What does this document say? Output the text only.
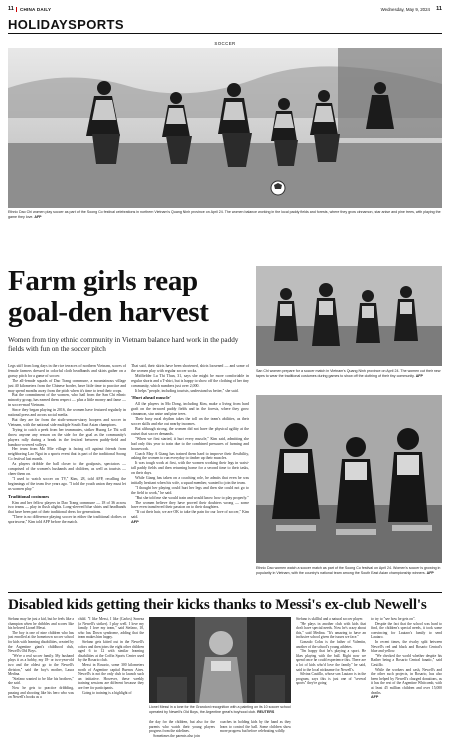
11 CHINA DAILY	Wednesday, May 9, 2024 11
HOLIDAYSPORTS
SOCCER
Ethnic Dao Chi women play soccer as part of the Soong Co festival celebrations in northern Vietnam's Quang Ninh province on April 24. The women balance working in the local paddy fields and forests, where they grow cinnamon, star anise and pine trees, with playing the game they love. AFP
Farm girls reap
goal-den harvest
Women from tiny ethnic community in Vietnam balance hard work in the paddy fields with fun on the soccer pitch

Legs stiff from long days in the rice terraces of northern Vietnam, scores of female farmers dressed in colorful cloth headbands and skirts gather on a grassy pitch for a game of soccer.

The all-female squads of Dao Trang commune, a mountainous village just 40 kilometers from the Chinese border, have little time to practice and may spend months away from the pitch when it's time to tend their crops.

But the commitment of the women, who hail from the San Chi ethnic minority group, has earned them respect — plus a little money and fame — in soccer-mad Vietnam.

Since they began playing in 2016, the women have featured regularly in national press and across social media.

But they are far from the sixth-season-starry hoopers and soccer in Vietnam, with the national side multiple South East Asian champions.

Trying to catch a peek from her teammates, striker Huong Le Thi will throw anyone any reason on the side for the goal as the community's players rally during a break in the festival between paddy-field and bamboo-covered valleys.

Her team from Mo Mie village is facing off against friends from neighboring Lao Ngai in a sports event that is part of the traditional Soong Co festival last month.

As players dribble the ball closer to the goalposts, spectators — comprised of the women's husbands and children, as well as tourists — cheer them on.

"I used to watch soccer on TV," Kim, 28, told AFP, recalling the beginnings of the team five years ago. "I told the youth union they must let us women play."

Traditional costumes

Kim and her fellow players in Dao Trang commune — 18 of 36 across two teams — play in flush alights. Long-sleeved blue shirts and headbands that have been part of their traditional dress for generations.

"There is no difference playing soccer in either the traditional clothes or sportswear," Kim told AFP before the match.

That said, their skirts have been shortened, shirts loosened — and some of the women play with regular soccer socks.

Midfielder Lu Thi Than, 31, says she might be more comfortable in regular shorts and a T-shirt, but is happy to show off the clothing of her tiny community, which numbers just over 2,000.

It helps "people, including tourists, understand us better," she said.

'Hurt ahead muscle'

All the players in Mo Dong, including Kim, make a living from hard graft on the terraced paddy fields and in the forests, where they grow cinnamon, star anise and pine trees.

Their busy rural rhythm takes the toll on the team's abilities, as their soccer skills and eke out nearby incomes.

But although strong, the women did not have the physical agility at the outset that soccer demands.

"When we first started, it hurt every muscle," Kim said, admitting she had only this year to train due to the combined pressures of farming and housework.

Coach May A Giang has trained them hard to improve their flexibility, asking the women to run everyday to timber up their muscles.

It was tough work at first, with the women working their legs in waist-tall paddy fields and then returning home for a second time to their tasks, on their days.

While Giang has taken on a coaching role, he admits that even he was initially hesitant when his wife, a squad member, wanted to join the team.

"I thought her playing could hurt her legs and then she could not go to the field to work," he said.

"But she told me she would train and would know how to play properly."

The women believe they have proved their doubters wrong — some have even transferred their passion on to their daughters.

"If cut their hair, we are OK to take the pain for our love of soccer," Kim said.

AFP
San Chi women prepare for a soccer match in Vietnam's Quang Ninh province on April 24. The women cut their new tapes to wear the traditional costumes during games to show off the clothing of their tiny community. AFP
Ethnic Dao women watch a soccer match as part of the Soong Co festival on April 24. Women's soccer is growing in popularity in Vietnam, with the country's national team among the South East Asian championship winners. AFP
Disabled kids getting their kicks thanks to Messi's ex-club Newell's

Stefano may be just a kid, but he feels like a champion when he dribbles and scores like his beloved Lionel Messi.

The boy is one of nine children who has just enrolled at the hometown soccer school for kids with learning disabilities, created by the Argentine giant's childhood club, Newell's Old Boys.

"We're a real soccer family. My husband plays it as a hobby, my 18- or two-year-old two and the oldest go to the Newell's division," said the boy's mother, Laura Medina.

"Stefano wanted to be like his brothers," she said.

Now he gets to practice dribbling, passing and shooting like his hero who was on Newell's books as a

child. "I like Messi, I like (Carlos) Soneza (a Newell's striker). I play well. I love my family. I love my team," said Stefano, 10, who has Down syndrome, adding that the team makes him happy.

Stefano gets kitted out in the Newell's colors and then joins the eight other children aged 6 to 12 with similar learning disabilities at the Coffin Sports Center used by the Rosario club.

Messi in Rosario, some 300 kilometers north of Argentine capital Buenos Aires. Newell's is not the only club to launch such an initiative. However, these weekly training sessions are different because they are free for participants.

Going to training is a highlight of

Lionel Messi in a lone for the Grandoni recognition with a painting on its 10 soccer school operated by Newell's Old Boys, the Argentine great's boyhood club. REUTERS

the day for the children, but also for the parents who watch their young players progress from the sidelines.

Sometimes the parents also join

coaches in holding kids by the hand as they learn to control the ball. Some children show more progress but before celebrating wildly.

Stefano is skillful and a natural soccer player.

"He plays in another club with kids that don't have special needs. Now he's crazy about this," said Medina. "It's amazing to have an inclusive school given the issues we face."

Gonzalo Colas is the father of Valentin, another of the school's young athletes.

"I'm happy that he's playing a sport. He likes playing with the ball. Right now we spend once he could experience this. There are a lot of kids who'd love the family" he said, said to the local nickname for Newell's.

Silvina Castillo, whose son Lautaro is in the program, says this is just one of "several sports" they're going

to try to "see how he gets on".

Despite the fact that the school was hard to find, the children's special needs, it took some convincing for Lautaro's family to send Lautaro.

In recent times, the rivalry split between Newell's red and black and Rosario Central's blue and yellow.

"We checked the world whether despite his Rather being a Rosario Central fanatic," said Castillo.

While the workers and cash, Newell's and the other such projects, in Rosario, has also been helped by Newell's charged donations, as it has the rest of the Argentine Whitcomb, with at least 45 million children and over 15,000 deaths.

AFP
